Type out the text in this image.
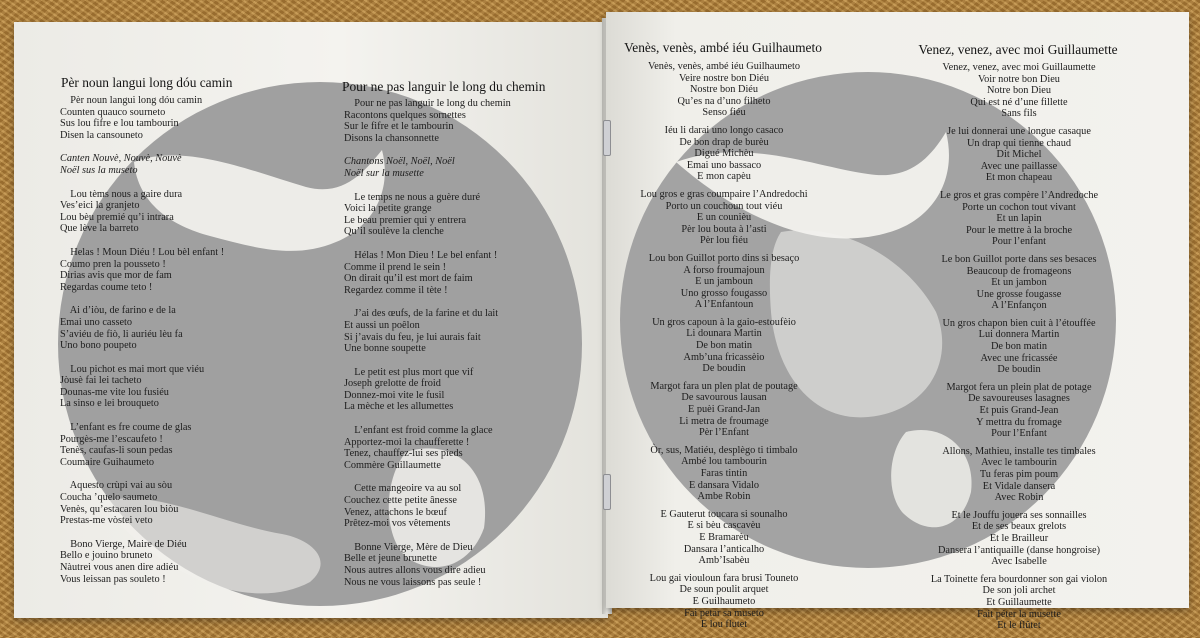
Pèr noun langui long dóu camin	Pour ne pas languir le long du chemin
Pèr noun langui long dóu camin
Counten quauco sourneto
Sus lou fifre e lou tambourin
Disen la cansouneto
Canten Nouvè, Nouvè, Nouvè
Noël sus la museto
Lou tèms nous a gaire dura
Ves’eici la granjeto
Lou bèu premié qu’i intrara
Que lève la barreto
Helas ! Moun Diéu ! Lou bèl enfant !
Coumo pren la pousseto !
Dirias avis que mor de fam
Regardas coume teto !
Ai d’iòu, de farino e de la
Emai uno casseto
S’aviéu de fiò, li auriéu lèu fa
Uno bono poupeto
Lou pichot es mai mort que viéu
Jòusè fai lei tacheto
Dounas-me vite lou fusiéu
La sinso e lei brouqueto
L’enfant es fre coume de glas
Pourgès-me l’escaufeto !
Tenès, caufas-li soun pedas
Coumaire Guihaumeto
Aquesto crùpi vai au sòu
Coucha ’quelo saumeto
Venès, qu’estacaren lou biòu
Prestas-me vòstei veto
Bono Vierge, Maire de Diéu
Bello e jouino bruneto
Nàutrei vous anen dire adiéu
Vous leissan pas souleto !
Pour ne pas languir le long du chemin
Racontons quelques sornettes
Sur le fifre et le tambourin
Disons la chansonnette
Chantons Noël, Noël, Noël
Noël sur la musette
Le temps ne nous a guère duré
Voici la petite grange
Le beau premier qui y entrera
Qu’il soulève la clenche
Hélas ! Mon Dieu ! Le bel enfant !
Comme il prend le sein !
On dirait qu’il est mort de faim
Regardez comme il tète !
J’ai des œufs, de la farine et du lait
Et aussi un poêlon
Si j’avais du feu, je lui aurais fait
Une bonne soupette
Le petit est plus mort que vif
Joseph grelotte de froid
Donnez-moi vite le fusil
La mèche et les allumettes
L’enfant est froid comme la glace
Apportez-moi la chaufferette !
Tenez, chauffez-lui ses pieds
Commère Guillaumette
Cette mangeoire va au sol
Couchez cette petite ânesse
Venez, attachons le bœuf
Prêtez-moi vos vêtements
Bonne Vierge, Mère de Dieu
Belle et jeune brunette
Nous autres allons vous dire adieu
Nous ne vous laissons pas seule !
Venès, venès, ambé iéu Guilhaumeto	Venez, venez, avec moi Guillaumette
Venès, venès, ambé iéu Guilhaumeto
Veire nostre bon Diéu
Nostre bon Diéu
Qu’es na d’uno filheto
Senso fiéu
Iéu li darai uno longo casaco
De bon drap de burèu
Digué Michèu
Emai uno bassaco
E mon capèu
Lou gros e gras coumpaire l’Andredochi
Porto un couchoun tout viéu
E un counièu
Pèr lou bouta à l’asti
Pèr lou fiéu
Lou bon Guillot porto dins si besaço
A forso froumajoun
E un jamboun
Uno grosso fougasso
A l’Enfantoun
Un gros capoun à la gaio-estoufèio
Li dounara Martin
De bon matin
Amb’una fricassèio
De boudin
Margot fara un plen plat de poutage
De savourous lausan
E puèi Grand-Jan
Li metra de froumage
Pèr l’Enfant
Òr, sus, Matiéu, desplègo ti timbalo
Ambé lou tambourin
Faras tintin
E dansara Vidalo
Ambe Robin
E Gauterut toucara si sounalho
E si bèu cascavèu
E Bramarèu
Dansara l’anticalho
Amb’Isabèu
Lou gai viouloun fara brusi Touneto
De soun poulit arquet
E Guilhaumeto
Fai petar sa museto
E lou flutet
Venez, venez, avec moi Guillaumette
Voir notre bon Dieu
Notre bon Dieu
Qui est né d’une fillette
Sans fils
Je lui donnerai une longue casaque
Un drap qui tienne chaud
Dit Michel
Avec une paillasse
Et mon chapeau
Le gros et gras compère l’Andredoche
Porte un cochon tout vivant
Et un lapin
Pour le mettre à la broche
Pour l’enfant
Le bon Guillot porte dans ses besaces
Beaucoup de fromageons
Et un jambon
Une grosse fougasse
A l’Enfançon
Un gros chapon bien cuit à l’étouffée
Lui donnera Martin
De bon matin
Avec une fricassée
De boudin
Margot fera un plein plat de potage
De savoureuses lasagnes
Et puis Grand-Jean
Y mettra du fromage
Pour l’Enfant
Allons, Mathieu, installe tes timbales
Avec le tambourin
Tu feras pim poum
Et Vidale dansera
Avec Robin
Et le Jouffu jouera ses sonnailles
Et de ses beaux grelots
Et le Brailleur
Dansera l’antiquaille (danse hongroise)
Avec Isabelle
La Toinette fera bourdonner son gai violon
De son joli archet
Et Guillaumette
Fait péter la musette
Et le flûtet
